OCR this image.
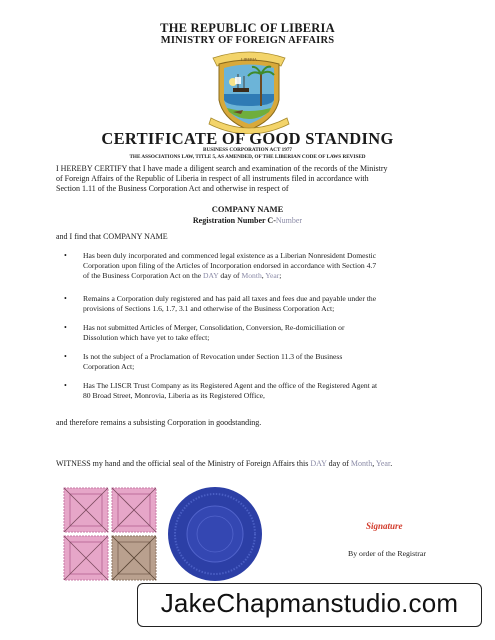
THE REPUBLIC OF LIBERIA
MINISTRY OF FOREIGN AFFAIRS
LIBERIA
CERTIFICATE OF GOOD STANDING
BUSINESS CORPORATION ACT 1977
THE ASSOCIATIONS LAW, TITLE 5, AS AMENDED, OF THE LIBERIAN CODE OF LAWS REVISED
I HEREBY CERTIFY that I have made a diligent search and examination of the records of the Ministry
of Foreign Affairs of the Republic of Liberia in respect of all instruments filed in accordance with
Section 1.11 of the Business Corporation Act and otherwise in respect of
COMPANY NAME
Registration Number C-Number
and I find that COMPANY NAME
• Has been duly incorporated and commenced legal existence as a Liberian Nonresident Domestic
Corporation upon filing of the Articles of Incorporation endorsed in accordance with Section 4.7
of the Business Corporation Act on the DAY day of Month, Year;
• Remains a Corporation duly registered and has paid all taxes and fees due and payable under the
provisions of Sections 1.6, 1.7, 3.1 and otherwise of the Business Corporation Act;
• Has not submitted Articles of Merger, Consolidation, Conversion, Re-domiciliation or
Dissolution which have yet to take effect;
• Is not the subject of a Proclamation of Revocation under Section 11.3 of the Business
Corporation Act;
• Has The LISCR Trust Company as its Registered Agent and the office of the Registered Agent at
80 Broad Street, Monrovia, Liberia as its Registered Office,
and therefore remains a subsisting Corporation in goodstanding.
WITNESS my hand and the official seal of the Ministry of Foreign Affairs this DAY day of Month, Year.
Signature
By order of the Registrar
JakeChapmanstudio.com
